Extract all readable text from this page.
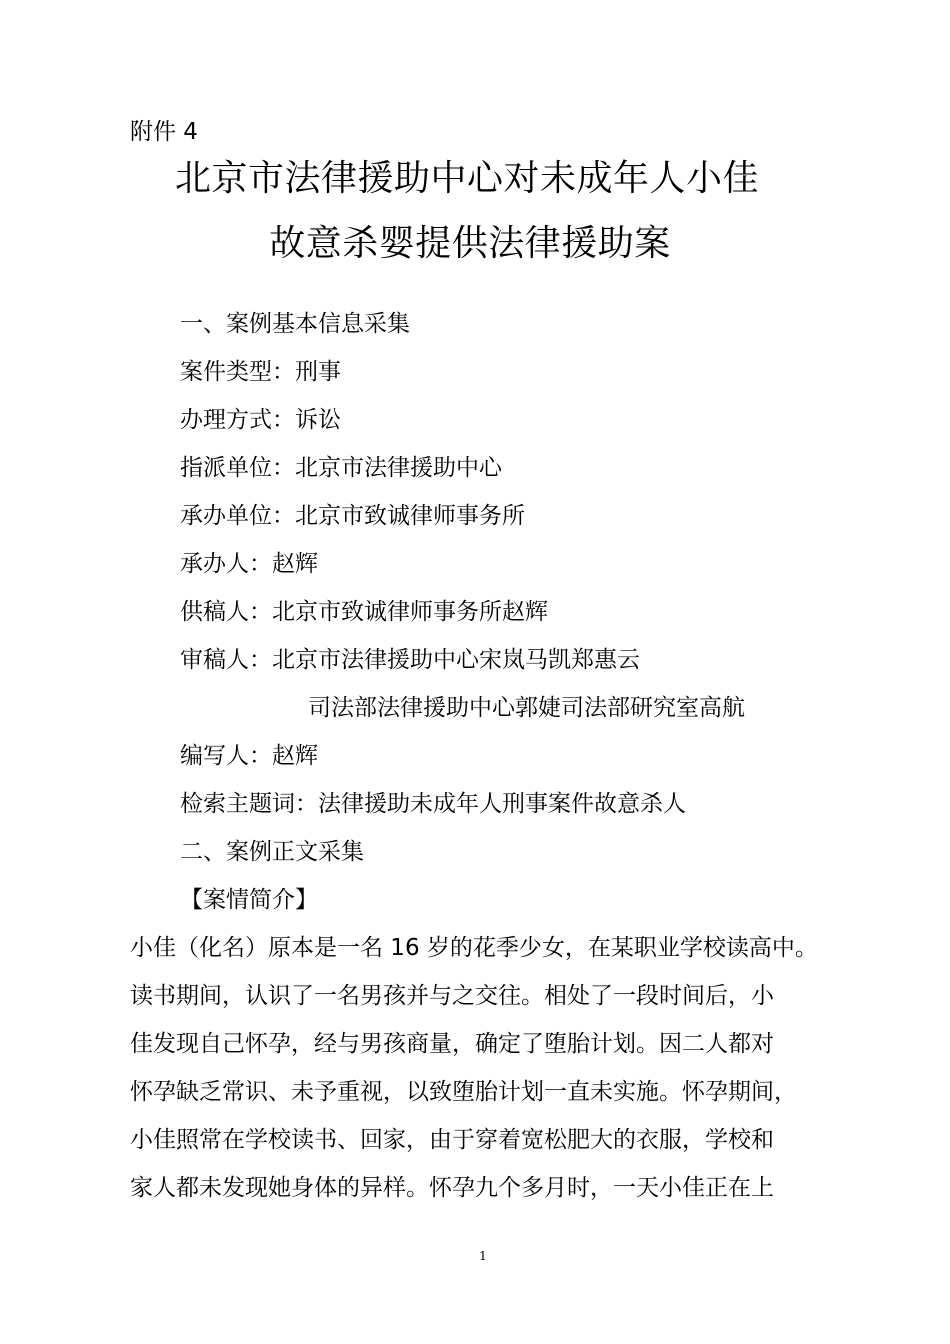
附件 4
北京市法律援助中心对未成年人小佳
故意杀婴提供法律援助案
一、案例基本信息采集
案件类型：刑事
办理方式：诉讼
指派单位：北京市法律援助中心
承办单位：北京市致诚律师事务所
承办人：赵辉
供稿人：北京市致诚律师事务所赵辉
审稿人：北京市法律援助中心宋岚马凯郑惠云
司法部法律援助中心郭婕司法部研究室高航
编写人：赵辉
检索主题词：法律援助未成年人刑事案件故意杀人
二、案例正文采集
【案情简介】
小佳（化名）原本是一名 16 岁的花季少女，在某职业学校读高中。
读书期间，认识了一名男孩并与之交往。相处了一段时间后，小
佳发现自己怀孕，经与男孩商量，确定了堕胎计划。因二人都对
怀孕缺乏常识、未予重视，以致堕胎计划一直未实施。怀孕期间，
小佳照常在学校读书、回家，由于穿着宽松肥大的衣服，学校和
家人都未发现她身体的异样。怀孕九个多月时，一天小佳正在上
1
